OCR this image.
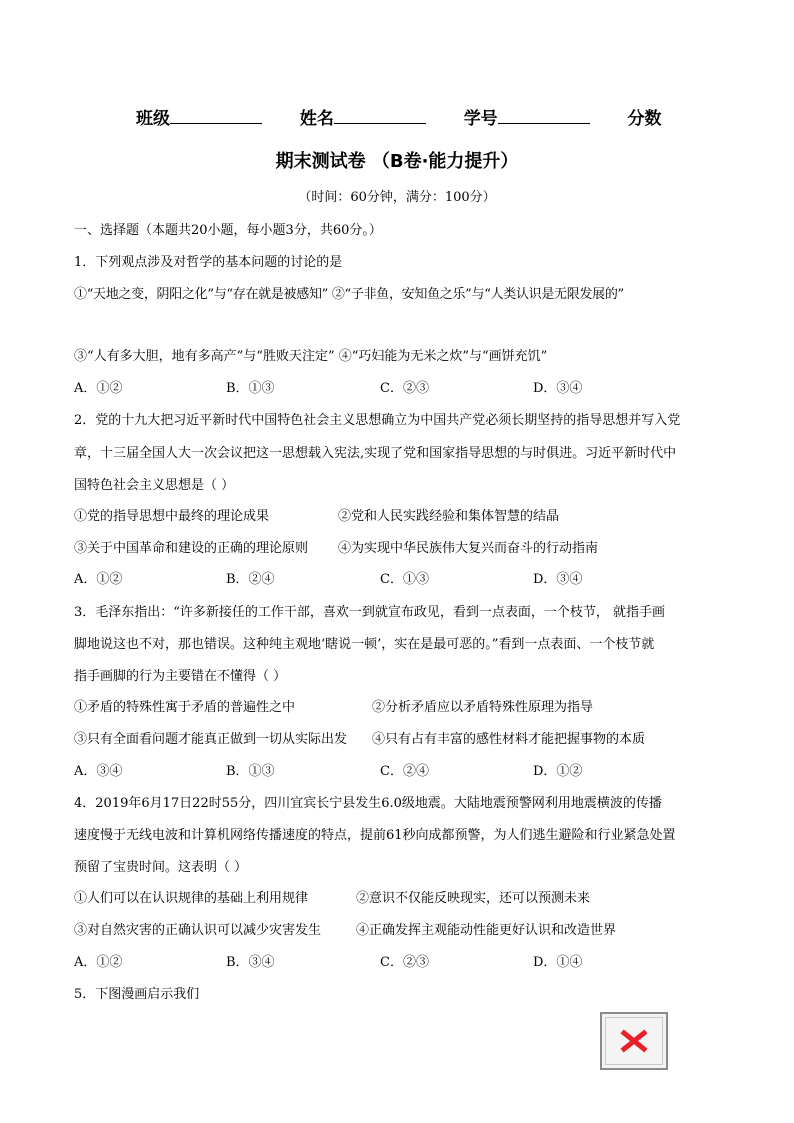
班级	姓名	学号	分数
期末测试卷 （B卷·能力提升）
（时间：60分钟，满分：100分）
一、选择题（本题共20小题，每小题3分，共60分。）
1．下列观点涉及对哲学的基本问题的讨论的是
①“天地之变，阴阳之化”与“存在就是被感知” ②“子非鱼，安知鱼之乐”与“人类认识是无限发展的”
③“人有多大胆，地有多高产”与“胜败天注定” ④“巧妇能为无米之炊”与“画饼充饥”
A．①②	B．①③	C．②③	D．③④
2．党的十九大把习近平新时代中国特色社会主义思想确立为中国共产党必须长期坚持的指导思想并写入党
章，十三届全国人大一次会议把这一思想载入宪法,实现了党和国家指导思想的与时俱进。习近平新时代中
国特色社会主义思想是（ ）
①党的指导思想中最终的理论成果	②党和人民实践经验和集体智慧的结晶
③关于中国革命和建设的正确的理论原则 ④为实现中华民族伟大复兴而奋斗的行动指南
A．①②	B．②④	C．①③	D．③④
3．毛泽东指出：“许多新接任的工作干部，喜欢一到就宣布政见，看到一点表面，一个枝节， 就指手画
脚地说这也不对，那也错误。这种纯主观地‘瞎说一顿’，实在是最可恶的。”看到一点表面、一个枝节就
指手画脚的行为主要错在不懂得（ ）
①矛盾的特殊性寓于矛盾的普遍性之中	②分析矛盾应以矛盾特殊性原理为指导
③只有全面看问题才能真正做到一切从实际出发 ④只有占有丰富的感性材料才能把握事物的本质
A．③④	B．①③	C．②④	D．①②
4．2019年6月17日22时55分，四川宜宾长宁县发生6.0级地震。大陆地震预警网利用地震横波的传播
速度慢于无线电波和计算机网络传播速度的特点，提前61秒向成都预警，为人们逃生避险和行业紧急处置
预留了宝贵时间。这表明（ ）
①人们可以在认识规律的基础上利用规律	②意识不仅能反映现实，还可以预测未来
③对自然灾害的正确认识可以减少灾害发生	④正确发挥主观能动性能更好认识和改造世界
A．①②	B．③④	C．②③	D．①④
5．下图漫画启示我们
